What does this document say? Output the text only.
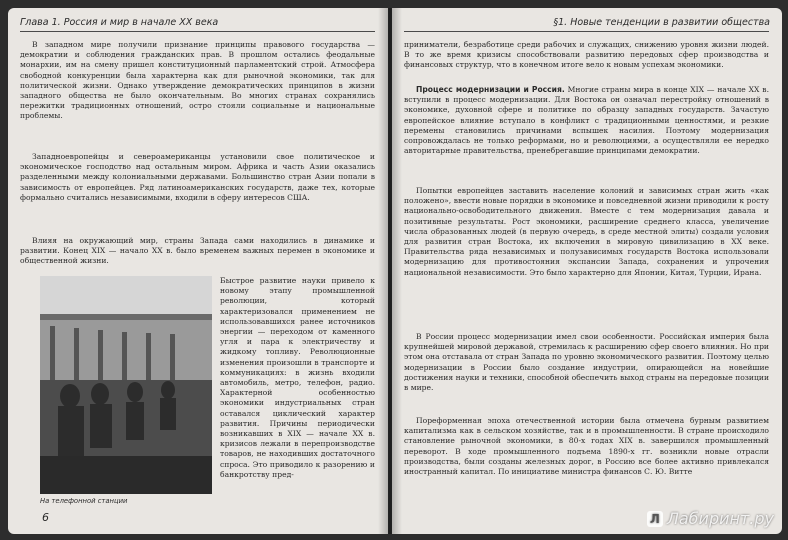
Глава 1. Россия и мир в начале XX века

В западном мире получили признание принципы правового государства — демократии и соблюдения гражданских прав. В прошлом остались феодальные монархии, им на смену пришел конституционный парламентский строй. Атмосфера свободной конкуренции была характерна как для рыночной экономики, так для политической жизни. Однако утверждение демократических принципов в жизни западного общества не было окончательным. Во многих странах сохранялись пережитки традиционных отношений, остро стояли социальные и национальные проблемы.

Западноевропейцы и североамериканцы установили свое политическое и экономическое господство над остальным миром. Африка и часть Азии оказались разделенными между колониальными державами. Большинство стран Азии попали в зависимость от европейцев. Ряд латиноамериканских государств, даже тех, которые формально считались независимыми, входили в сферу интересов США.

Влияя на окружающий мир, страны Запада сами находились в динамике и развитии. Конец XIX — начало XX в. было временем важных перемен в экономике и общественной жизни.

Быстрое развитие науки привело к новому этапу промышленной революции, который характеризовался применением не использовавшихся ранее источников энергии — переходом от каменного угля и пара к электричеству и жидкому топливу. Революционные изменения произошли в транспорте и коммуникациях: в жизнь входили автомобиль, метро, телефон, радио. Характерной особенностью экономики индустриальных стран оставался циклический характер развития. Причины периодически возникавших в XIX — начале XX в. кризисов лежали в перепроизводстве товаров, не находивших достаточного спроса. Это приводило к разорению и банкротству пред-

На телефонной станции
6
§1. Новые тенденции в развитии общества

приниматели, безработице среди рабочих и служащих, снижению уровня жизни людей. В то же время кризисы способствовали развитию передовых сфер производства и финансовых структур, что в конечном итоге вело к новым успехам экономики.

Процесс модернизации и Россия. Многие страны мира в конце XIX — начале XX в. вступили в процесс модернизации. Для Востока он означал перестройку отношений в экономике, духовной сфере и политике по образцу западных государств. Зачастую европейское влияние вступало в конфликт с традиционными ценностями, и резкие перемены становились причинами вспышек насилия. Поэтому модернизация сопровождалась не только реформами, но и революциями, а осуществляли ее нередко авторитарные правительства, пренебрегавшие принципами демократии.

Попытки европейцев заставить население колоний и зависимых стран жить «как положено», ввести новые порядки в экономике и повседневной жизни приводили к росту национально-освободительного движения. Вместе с тем модернизация давала и позитивные результаты. Рост экономики, расширение среднего класса, увеличение числа образованных людей (в первую очередь, в среде местной элиты) создали условия для развития стран Востока, их включения в мировую цивилизацию в XX веке. Правительства ряда независимых и полузависимых государств Востока использовали модернизацию для противостояния экспансии Запада, сохранения и упрочения национальной независимости. Это было характерно для Японии, Китая, Турции, Ирана.

В России процесс модернизации имел свои особенности. Российская империя была крупнейшей мировой державой, стремилась к расширению сфер своего влияния. Но при этом она отставала от стран Запада по уровню экономического развития. Поэтому целью модернизации в России было создание индустрии, опирающейся на новейшие достижения науки и техники, способной обеспечить выход страны на передовые позиции в мире.

Пореформенная эпоха отечественной истории была отмечена бурным развитием капитализма как в сельском хозяйстве, так и в промышленности. В стране происходило становление рыночной экономики, в 80-х годах XIX в. завершился промышленный переворот. В ходе промышленного подъема 1890-х гг. возникли новые отрасли производства, были созданы железных дорог, в Россию все более активно привлекался иностранный капитал. По инициативе министра финансов С. Ю. Витте

Л Лабиринт.ру
